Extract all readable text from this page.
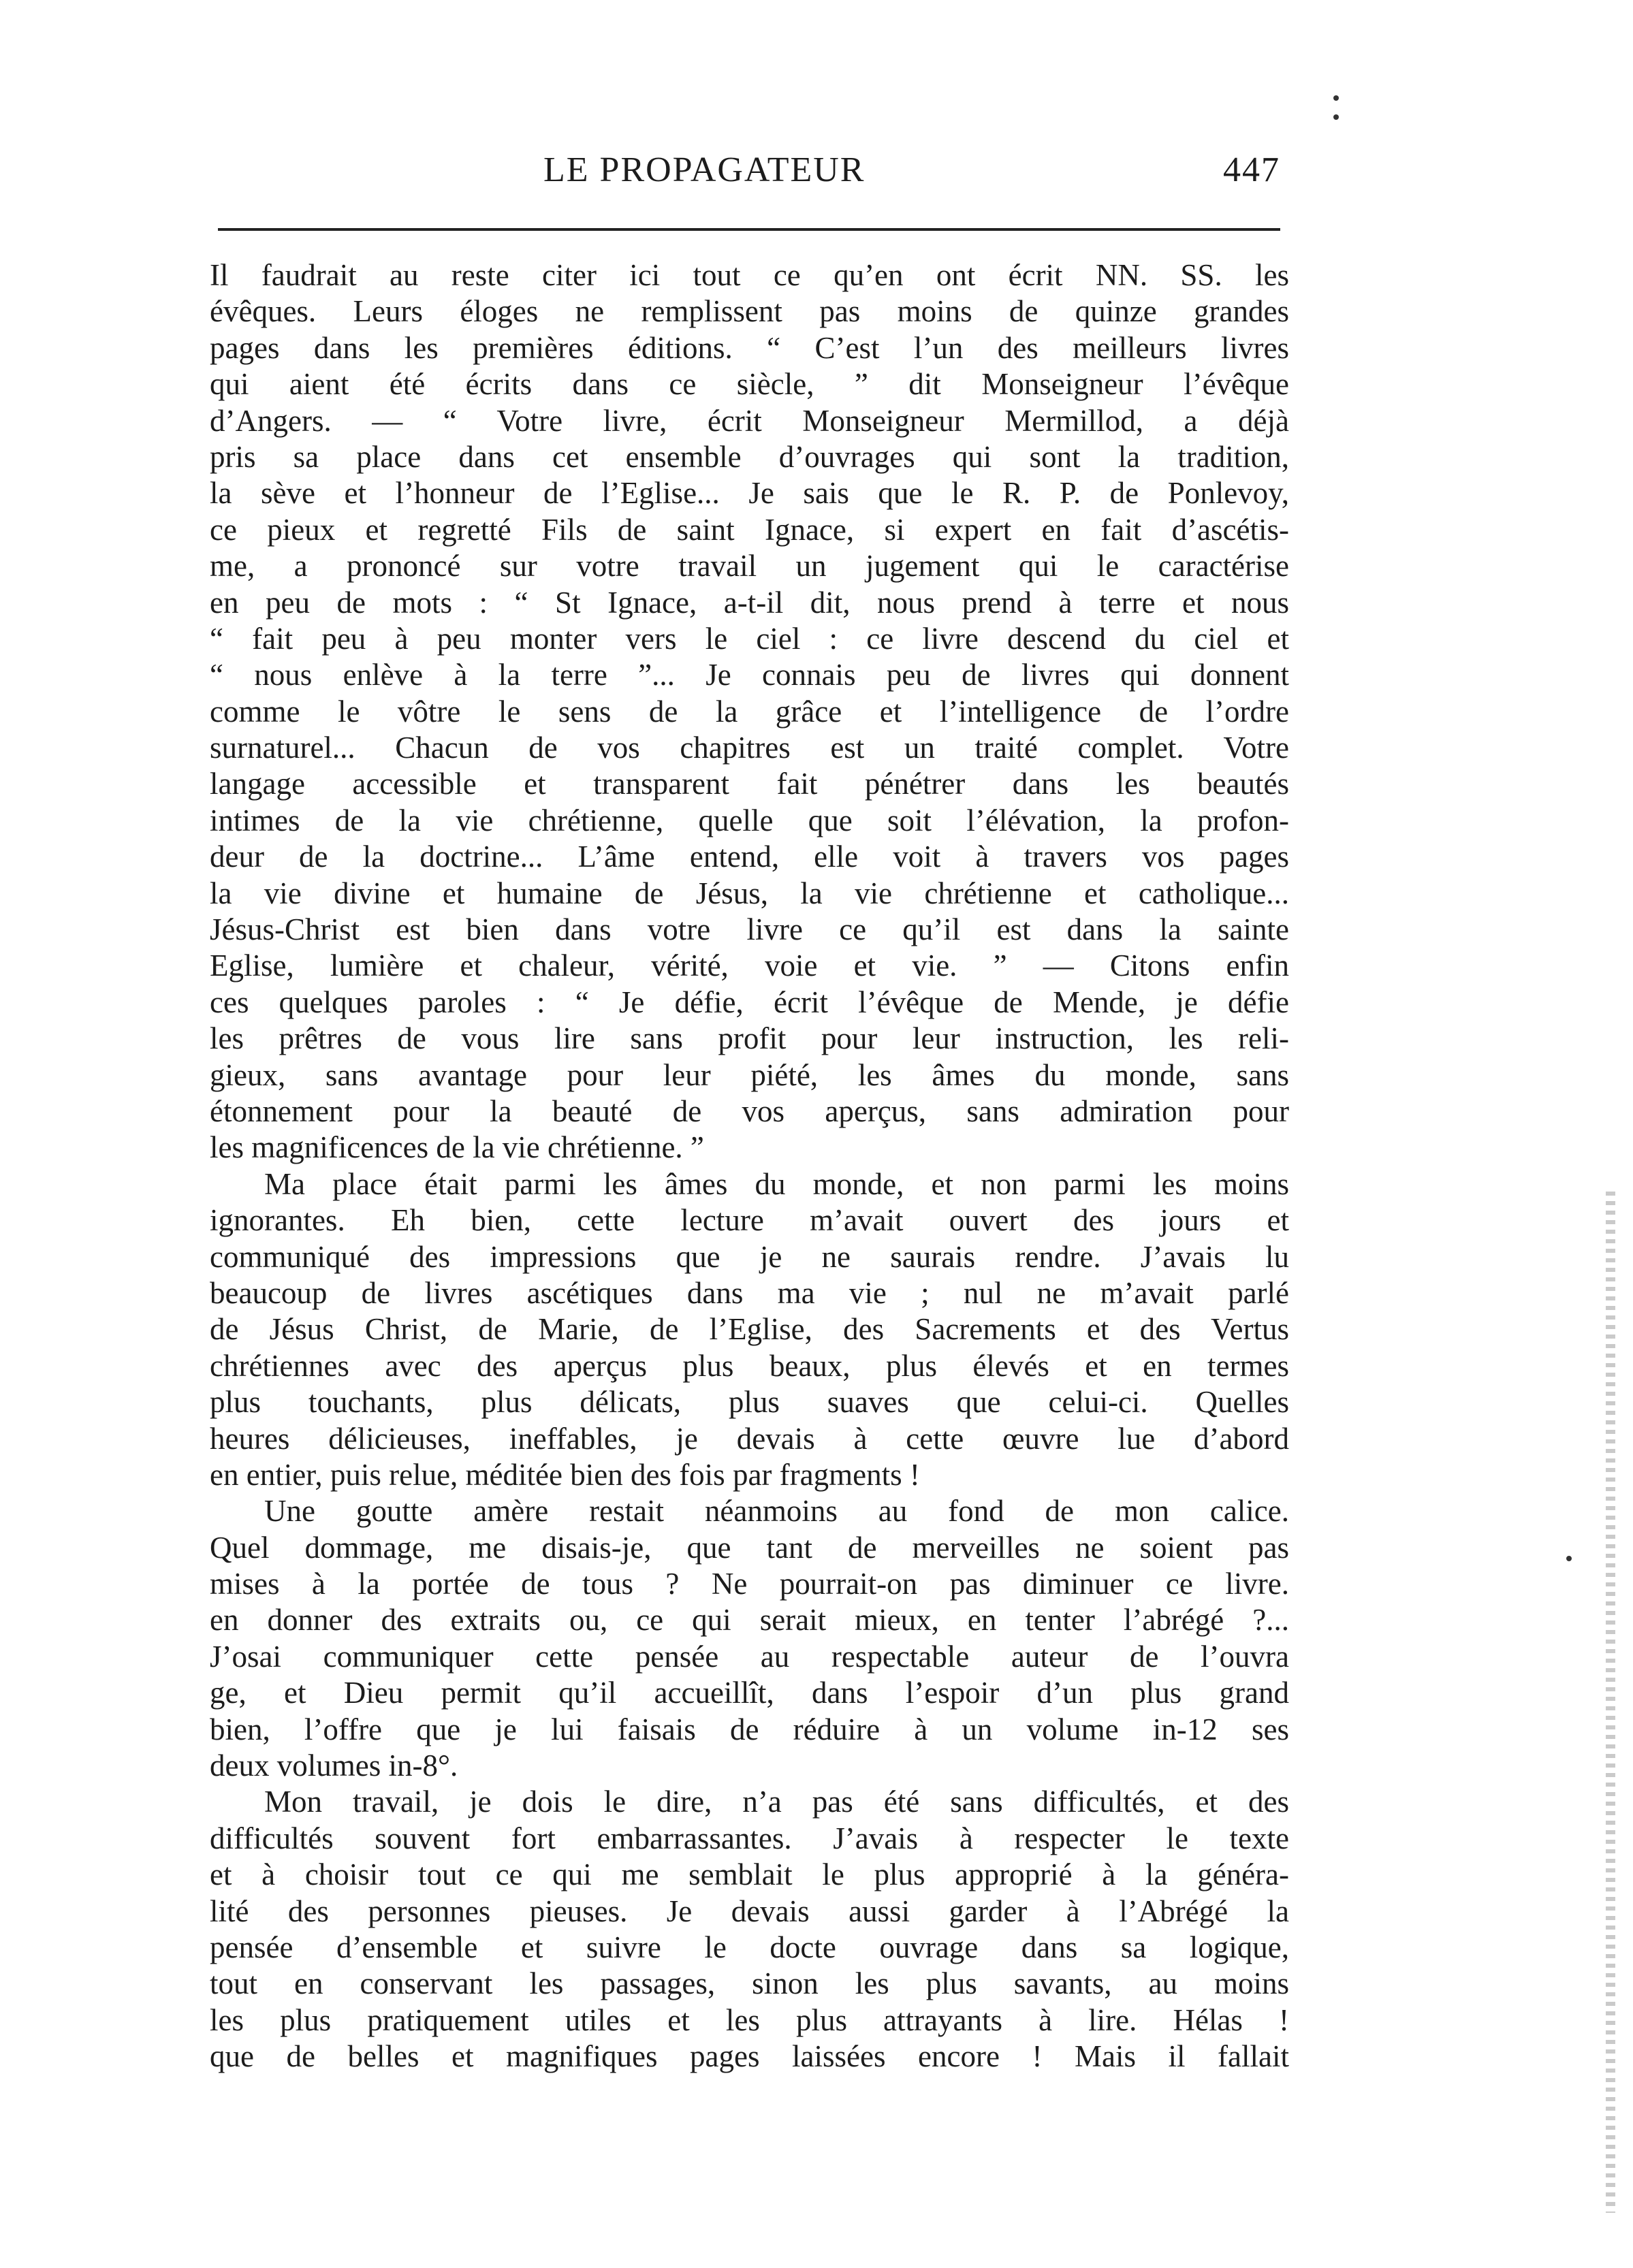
LE PROPAGATEUR	447
Il faudrait au reste citer ici tout ce qu’en ont écrit NN. SS. les
évêques. Leurs éloges ne remplissent pas moins de quinze grandes
pages dans les premières éditions. “ C’est l’un des meilleurs livres
qui aient été écrits dans ce siècle, ” dit Monseigneur l’évêque
d’Angers. — “ Votre livre, écrit Monseigneur Mermillod, a déjà
pris sa place dans cet ensemble d’ouvrages qui sont la tradition,
la sève et l’honneur de l’Eglise... Je sais que le R. P. de Ponlevoy,
ce pieux et regretté Fils de saint Ignace, si expert en fait d’ascétis-
me, a prononcé sur votre travail un jugement qui le caractérise
en peu de mots : “ St Ignace, a-t-il dit, nous prend à terre et nous
“ fait peu à peu monter vers le ciel : ce livre descend du ciel et
“ nous enlève à la terre ”... Je connais peu de livres qui donnent
comme le vôtre le sens de la grâce et l’intelligence de l’ordre
surnaturel... Chacun de vos chapitres est un traité complet. Votre
langage accessible et transparent fait pénétrer dans les beautés
intimes de la vie chrétienne, quelle que soit l’élévation, la profon-
deur de la doctrine... L’âme entend, elle voit à travers vos pages
la vie divine et humaine de Jésus, la vie chrétienne et catholique...
Jésus-Christ est bien dans votre livre ce qu’il est dans la sainte
Eglise, lumière et chaleur, vérité, voie et vie. ” — Citons enfin
ces quelques paroles : “ Je défie, écrit l’évêque de Mende, je défie
les prêtres de vous lire sans profit pour leur instruction, les reli-
gieux, sans avantage pour leur piété, les âmes du monde, sans
étonnement pour la beauté de vos aperçus, sans admiration pour
les magnificences de la vie chrétienne. ”
Ma place était parmi les âmes du monde, et non parmi les moins
ignorantes. Eh bien, cette lecture m’avait ouvert des jours et
communiqué des impressions que je ne saurais rendre. J’avais lu
beaucoup de livres ascétiques dans ma vie ; nul ne m’avait parlé
de Jésus Christ, de Marie, de l’Eglise, des Sacrements et des Vertus
chrétiennes avec des aperçus plus beaux, plus élevés et en termes
plus touchants, plus délicats, plus suaves que celui-ci. Quelles
heures délicieuses, ineffables, je devais à cette œuvre lue d’abord
en entier, puis relue, méditée bien des fois par fragments !
Une goutte amère restait néanmoins au fond de mon calice.
Quel dommage, me disais-je, que tant de merveilles ne soient pas
mises à la portée de tous ? Ne pourrait-on pas diminuer ce livre.
en donner des extraits ou, ce qui serait mieux, en tenter l’abrégé ?...
J’osai communiquer cette pensée au respectable auteur de l’ouvra
ge, et Dieu permit qu’il accueillît, dans l’espoir d’un plus grand
bien, l’offre que je lui faisais de réduire à un volume in-12 ses
deux volumes in-8°.
Mon travail, je dois le dire, n’a pas été sans difficultés, et des
difficultés souvent fort embarrassantes. J’avais à respecter le texte
et à choisir tout ce qui me semblait le plus approprié à la généra-
lité des personnes pieuses. Je devais aussi garder à l’Abrégé la
pensée d’ensemble et suivre le docte ouvrage dans sa logique,
tout en conservant les passages, sinon les plus savants, au moins
les plus pratiquement utiles et les plus attrayants à lire. Hélas !
que de belles et magnifiques pages laissées encore ! Mais il fallait
